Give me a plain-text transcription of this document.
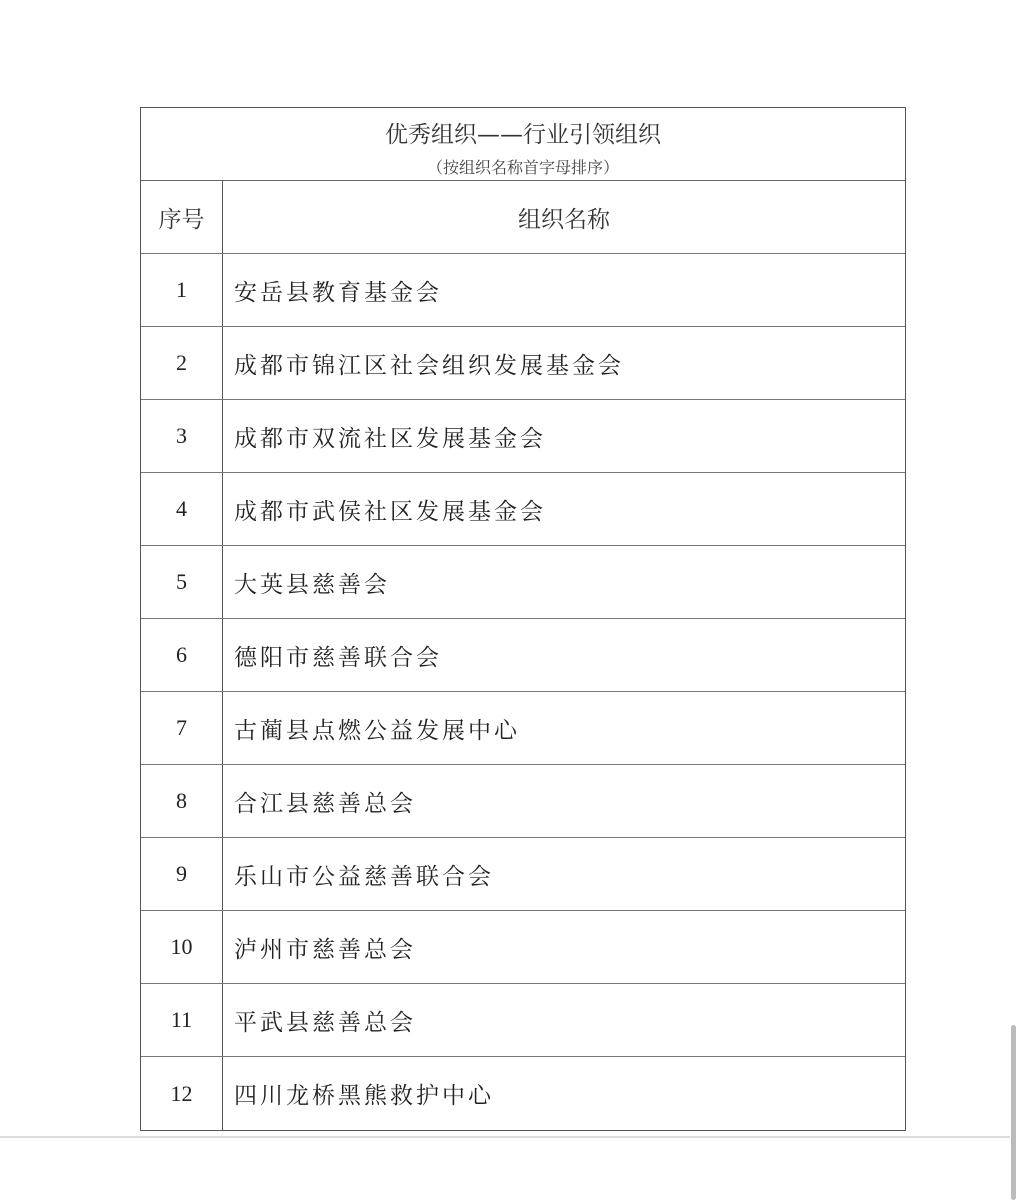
优秀组织——行业引领组织
（按组织名称首字母排序）
序号	组织名称
1	安岳县教育基金会
2	成都市锦江区社会组织发展基金会
3	成都市双流社区发展基金会
4	成都市武侯社区发展基金会
5	大英县慈善会
6	德阳市慈善联合会
7	古蔺县点燃公益发展中心
8	合江县慈善总会
9	乐山市公益慈善联合会
10	泸州市慈善总会
11	平武县慈善总会
12	四川龙桥黑熊救护中心
